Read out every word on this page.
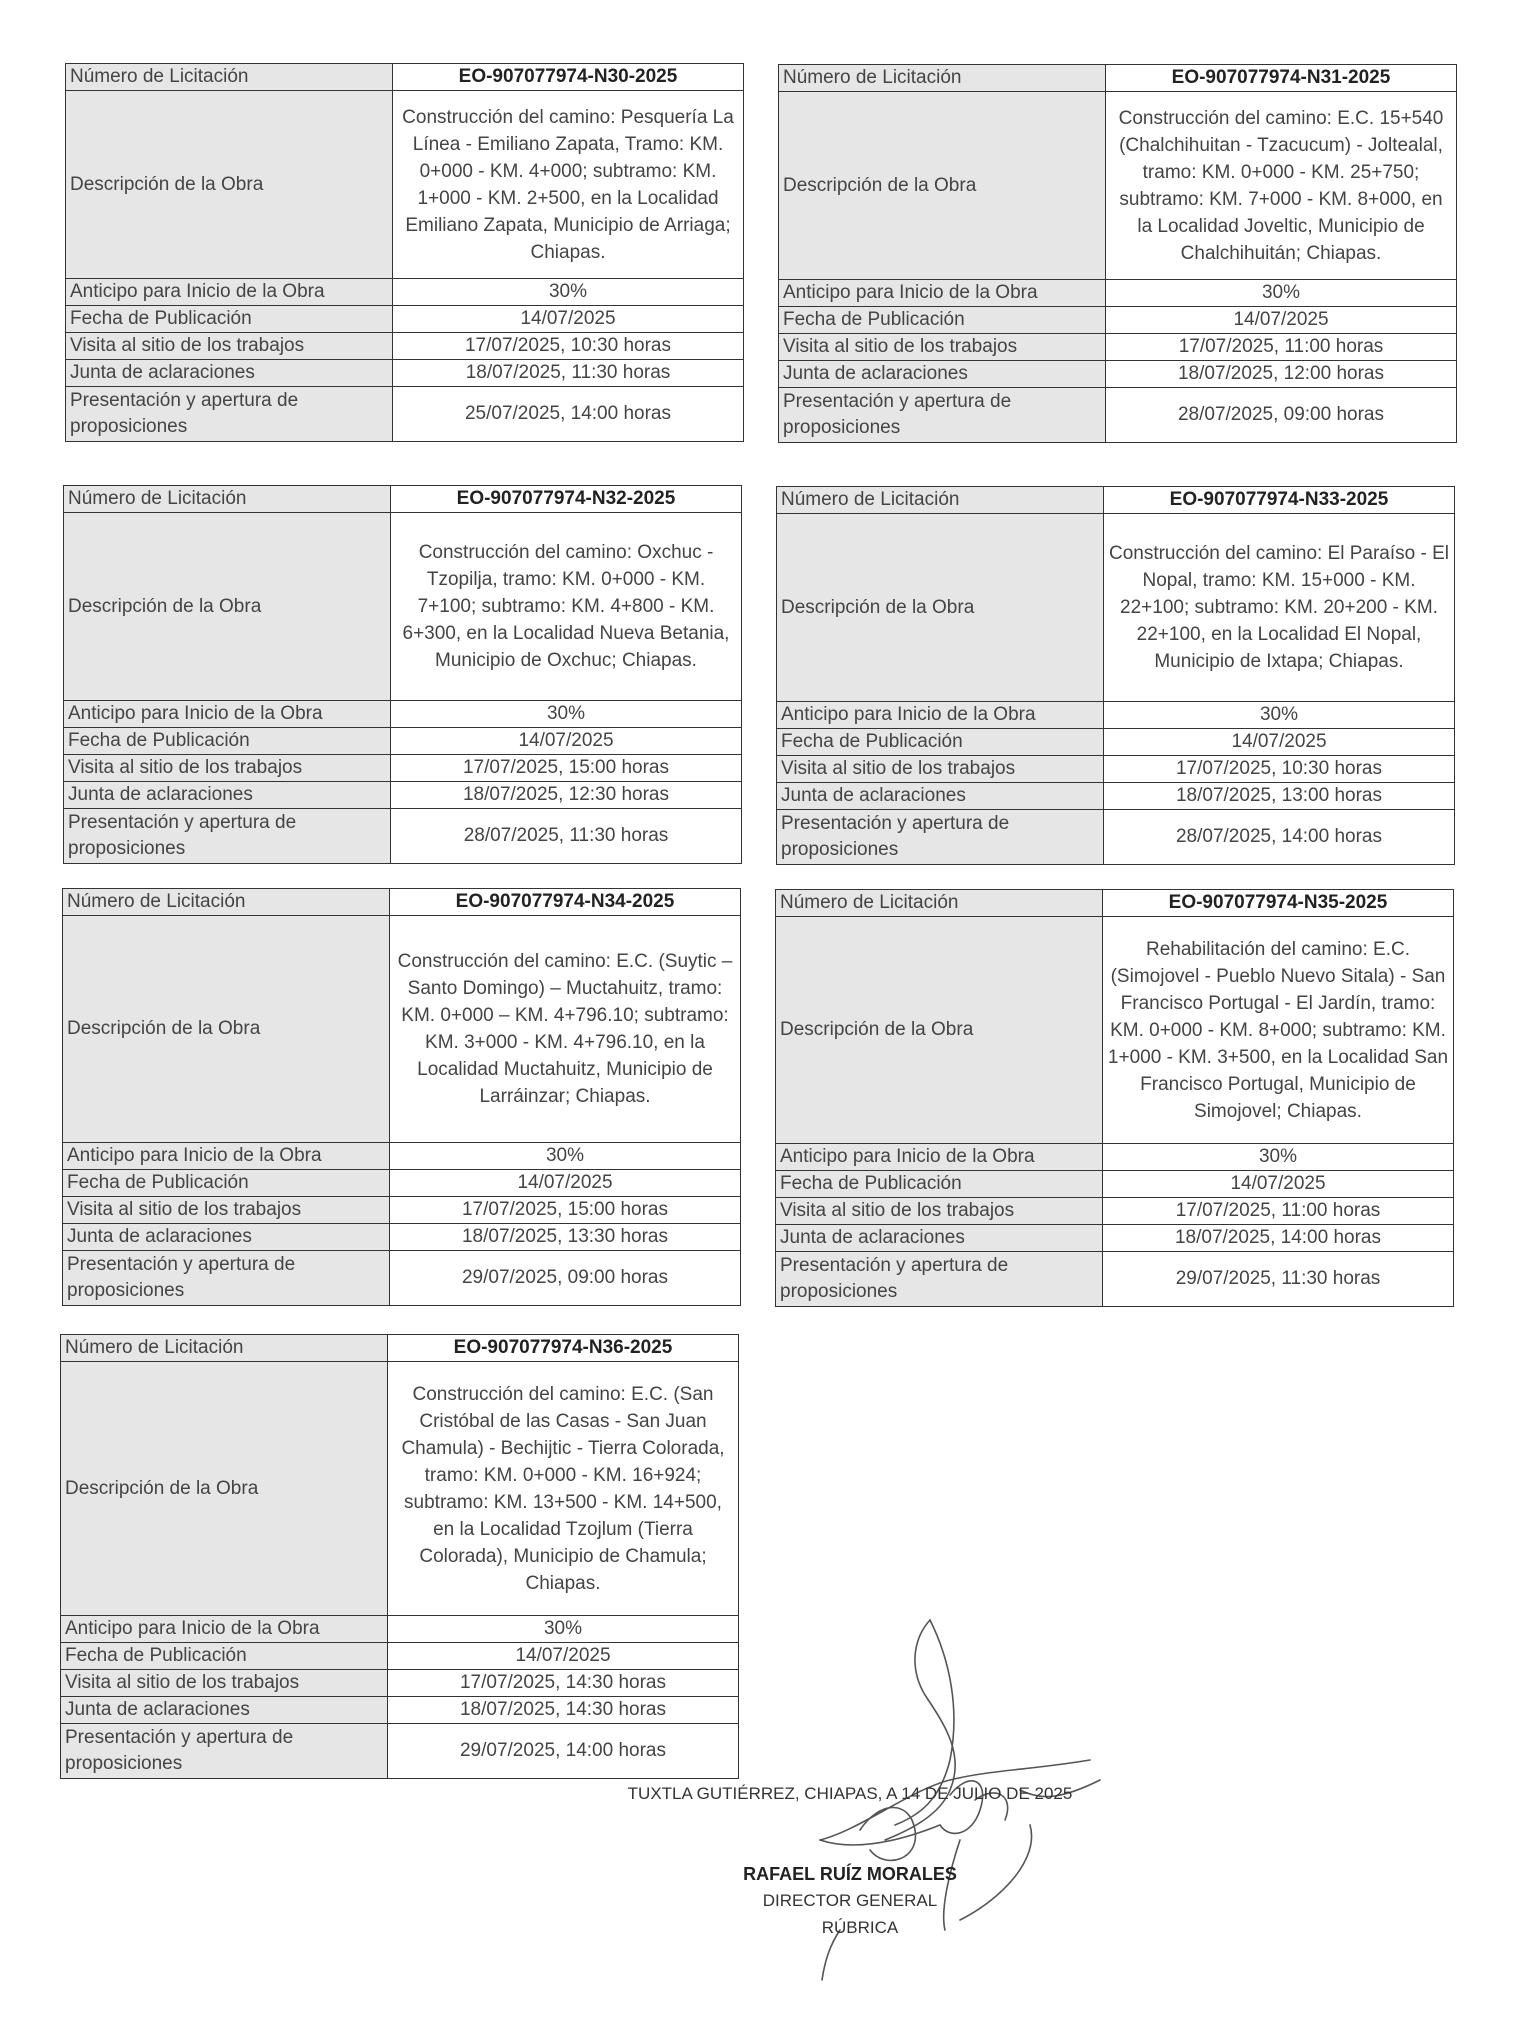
Número de Licitación	EO-907077974-N30-2025
Descripción de la Obra	Construcción del camino: Pesquería La Línea - Emiliano Zapata, Tramo: KM. 0+000 - KM. 4+000; subtramo: KM. 1+000 - KM. 2+500, en la Localidad Emiliano Zapata, Municipio de Arriaga; Chiapas.
Anticipo para Inicio de la Obra	30%
Fecha de Publicación	14/07/2025
Visita al sitio de los trabajos	17/07/2025, 10:30 horas
Junta de aclaraciones	18/07/2025, 11:30 horas
Presentación y apertura de proposiciones	25/07/2025, 14:00 horas
Número de Licitación	EO-907077974-N31-2025
Descripción de la Obra	Construcción del camino: E.C. 15+540 (Chalchihuitan - Tzacucum) - Joltealal, tramo: KM. 0+000 - KM. 25+750; subtramo: KM. 7+000 - KM. 8+000, en la Localidad Joveltic, Municipio de Chalchihuitán; Chiapas.
Anticipo para Inicio de la Obra	30%
Fecha de Publicación	14/07/2025
Visita al sitio de los trabajos	17/07/2025, 11:00 horas
Junta de aclaraciones	18/07/2025, 12:00 horas
Presentación y apertura de proposiciones	28/07/2025, 09:00 horas
Número de Licitación	EO-907077974-N32-2025
Descripción de la Obra	Construcción del camino: Oxchuc - Tzopilja, tramo: KM. 0+000 - KM. 7+100; subtramo: KM. 4+800 - KM. 6+300, en la Localidad Nueva Betania, Municipio de Oxchuc; Chiapas.
Anticipo para Inicio de la Obra	30%
Fecha de Publicación	14/07/2025
Visita al sitio de los trabajos	17/07/2025, 15:00 horas
Junta de aclaraciones	18/07/2025, 12:30 horas
Presentación y apertura de proposiciones	28/07/2025, 11:30 horas
Número de Licitación	EO-907077974-N33-2025
Descripción de la Obra	Construcción del camino: El Paraíso - El Nopal, tramo: KM. 15+000 - KM. 22+100; subtramo: KM. 20+200 - KM. 22+100, en la Localidad El Nopal, Municipio de Ixtapa; Chiapas.
Anticipo para Inicio de la Obra	30%
Fecha de Publicación	14/07/2025
Visita al sitio de los trabajos	17/07/2025, 10:30 horas
Junta de aclaraciones	18/07/2025, 13:00 horas
Presentación y apertura de proposiciones	28/07/2025, 14:00 horas
Número de Licitación	EO-907077974-N34-2025
Descripción de la Obra	Construcción del camino: E.C. (Suytic – Santo Domingo) – Muctahuitz, tramo: KM. 0+000 – KM. 4+796.10; subtramo: KM. 3+000 - KM. 4+796.10, en la Localidad Muctahuitz, Municipio de Larráinzar; Chiapas.
Anticipo para Inicio de la Obra	30%
Fecha de Publicación	14/07/2025
Visita al sitio de los trabajos	17/07/2025, 15:00 horas
Junta de aclaraciones	18/07/2025, 13:30 horas
Presentación y apertura de proposiciones	29/07/2025, 09:00 horas
Número de Licitación	EO-907077974-N35-2025
Descripción de la Obra	Rehabilitación del camino: E.C. (Simojovel - Pueblo Nuevo Sitala) - San Francisco Portugal - El Jardín, tramo: KM. 0+000 - KM. 8+000; subtramo: KM. 1+000 - KM. 3+500, en la Localidad San Francisco Portugal, Municipio de Simojovel; Chiapas.
Anticipo para Inicio de la Obra	30%
Fecha de Publicación	14/07/2025
Visita al sitio de los trabajos	17/07/2025, 11:00 horas
Junta de aclaraciones	18/07/2025, 14:00 horas
Presentación y apertura de proposiciones	29/07/2025, 11:30 horas
Número de Licitación	EO-907077974-N36-2025
Descripción de la Obra	Construcción del camino: E.C. (San Cristóbal de las Casas - San Juan Chamula) - Bechijtic - Tierra Colorada, tramo: KM. 0+000 - KM. 16+924; subtramo: KM. 13+500 - KM. 14+500, en la Localidad Tzojlum (Tierra Colorada), Municipio de Chamula; Chiapas.
Anticipo para Inicio de la Obra	30%
Fecha de Publicación	14/07/2025
Visita al sitio de los trabajos	17/07/2025, 14:30 horas
Junta de aclaraciones	18/07/2025, 14:30 horas
Presentación y apertura de proposiciones	29/07/2025, 14:00 horas
TUXTLA GUTIÉRREZ, CHIAPAS, A 14 DE JULIO DE 2025
RAFAEL RUÍZ MORALES
DIRECTOR GENERAL
RÚBRICA
